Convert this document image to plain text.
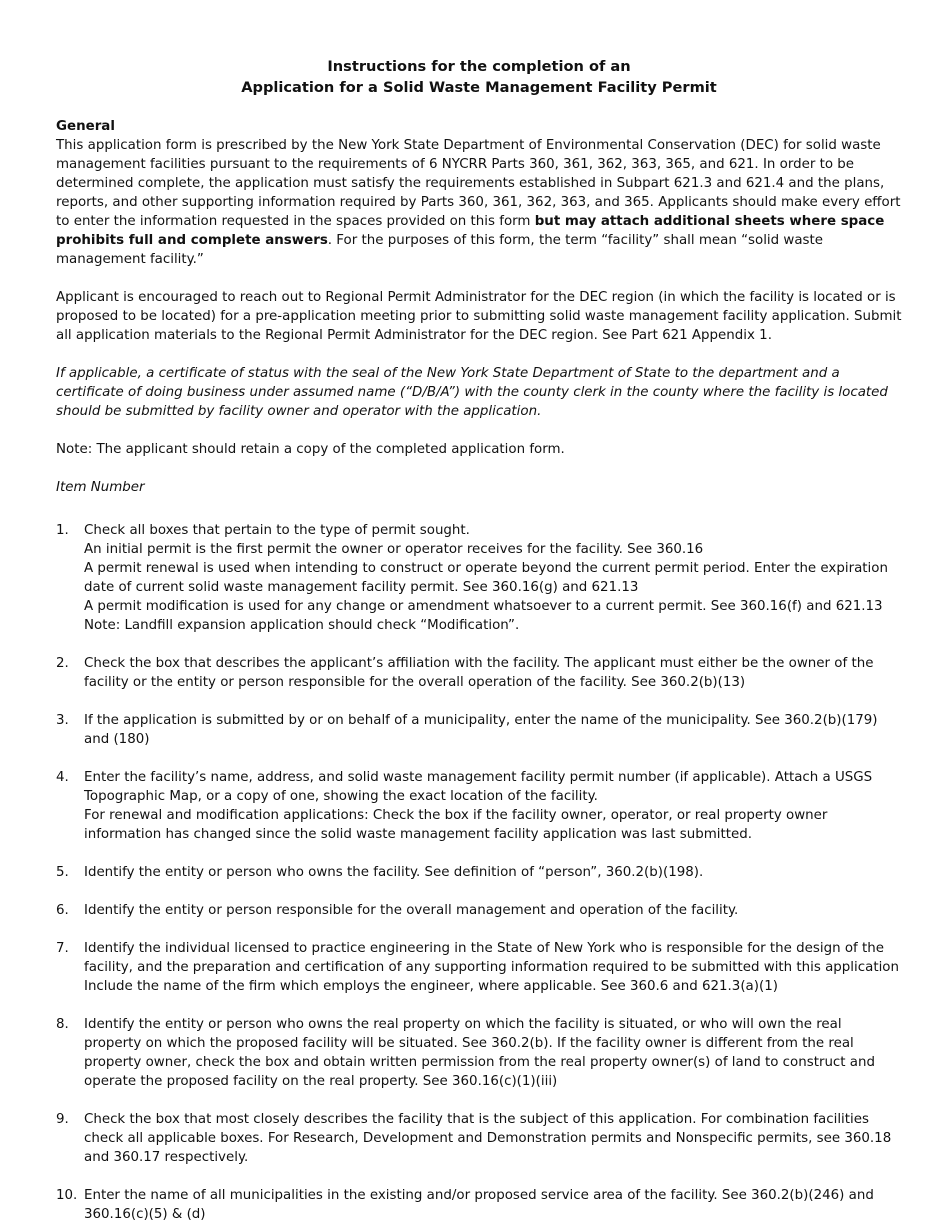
Instructions for the completion of an
Application for a Solid Waste Management Facility Permit
General

This application form is prescribed by the New York State Department of Environmental Conservation (DEC) for solid waste management facilities pursuant to the requirements of 6 NYCRR Parts 360, 361, 362, 363, 365, and 621. In order to be determined complete, the application must satisfy the requirements established in Subpart 621.3 and 621.4 and the plans, reports, and other supporting information required by Parts 360, 361, 362, 363, and 365. Applicants should make every effort to enter the information requested in the spaces provided on this form but may attach additional sheets where space prohibits full and complete answers. For the purposes of this form, the term “facility” shall mean “solid waste management facility.”

Applicant is encouraged to reach out to Regional Permit Administrator for the DEC region (in which the facility is located or is proposed to be located) for a pre-application meeting prior to submitting solid waste management facility application. Submit all application materials to the Regional Permit Administrator for the DEC region. See Part 621 Appendix 1.

If applicable, a certificate of status with the seal of the New York State Department of State to the department and a certificate of doing business under assumed name (“D/B/A”) with the county clerk in the county where the facility is located should be submitted by facility owner and operator with the application.

Note: The applicant should retain a copy of the completed application form.

Item Number

1. Check all boxes that pertain to the type of permit sought.
An initial permit is the first permit the owner or operator receives for the facility. See 360.16
A permit renewal is used when intending to construct or operate beyond the current permit period. Enter the expiration date of current solid waste management facility permit. See 360.16(g) and 621.13
A permit modification is used for any change or amendment whatsoever to a current permit. See 360.16(f) and 621.13
Note: Landfill expansion application should check “Modification”.
2. Check the box that describes the applicant’s affiliation with the facility. The applicant must either be the owner of the facility or the entity or person responsible for the overall operation of the facility. See 360.2(b)(13)
3. If the application is submitted by or on behalf of a municipality, enter the name of the municipality. See 360.2(b)(179) and (180)
4. Enter the facility’s name, address, and solid waste management facility permit number (if applicable). Attach a USGS Topographic Map, or a copy of one, showing the exact location of the facility.
For renewal and modification applications: Check the box if the facility owner, operator, or real property owner information has changed since the solid waste management facility application was last submitted.
5. Identify the entity or person who owns the facility. See definition of “person”, 360.2(b)(198).
6. Identify the entity or person responsible for the overall management and operation of the facility.
7. Identify the individual licensed to practice engineering in the State of New York who is responsible for the design of the facility, and the preparation and certification of any supporting information required to be submitted with this application Include the name of the firm which employs the engineer, where applicable. See 360.6 and 621.3(a)(1)
8. Identify the entity or person who owns the real property on which the facility is situated, or who will own the real property on which the proposed facility will be situated. See 360.2(b). If the facility owner is different from the real property owner, check the box and obtain written permission from the real property owner(s) of land to construct and operate the proposed facility on the real property. See 360.16(c)(1)(iii)
9. Check the box that most closely describes the facility that is the subject of this application. For combination facilities check all applicable boxes. For Research, Development and Demonstration permits and Nonspecific permits, see 360.18 and 360.17 respectively.
10. Enter the name of all municipalities in the existing and/or proposed service area of the facility. See 360.2(b)(246) and 360.16(c)(5) & (d)
